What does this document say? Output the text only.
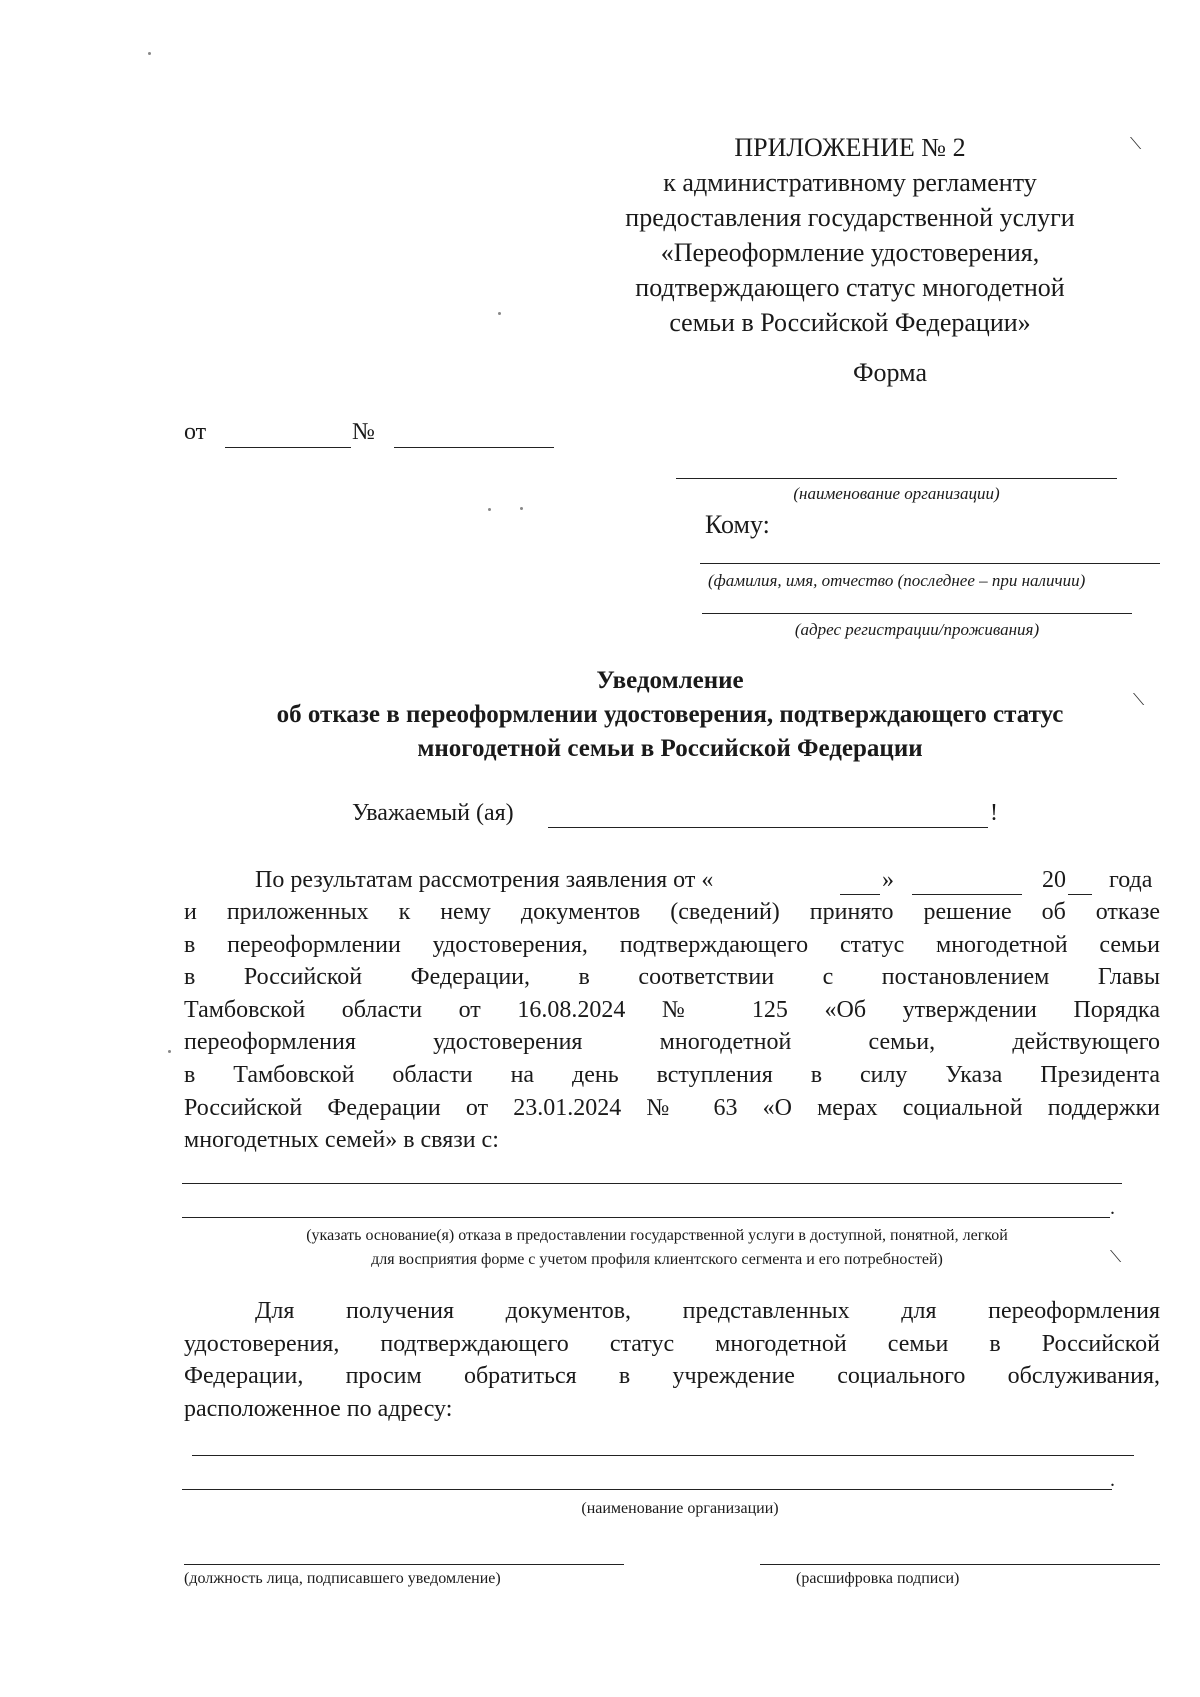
⟍
⟍
⟍
ПРИЛОЖЕНИЕ № 2
к административному регламенту
предоставления государственной услуги
«Переоформление удостоверения,
подтверждающего статус многодетной
семьи в Российской Федерации»
Форма
от	№
(наименование организации)
Кому:
(фамилия, имя, отчество (последнее – при наличии)
(адрес регистрации/проживания)
Уведомление
об отказе в переоформлении удостоверения, подтверждающего статус
многодетной семьи в Российской Федерации
Уважаемый (ая)	!
По результатам рассмотрения заявления от «	»	20 года
и приложенных к нему документов (сведений) принято решение об отказе
в переоформлении удостоверения, подтверждающего статус многодетной семьи
в Российской Федерации, в соответствии с постановлением Главы
Тамбовской области от 16.08.2024 № 125 «Об утверждении Порядка
переоформления удостоверения многодетной семьи, действующего
в Тамбовской области на день вступления в силу Указа Президента
Российской Федерации от 23.01.2024 № 63 «О мерах социальной поддержки
многодетных семей» в связи с:
.
(указать основание(я) отказа в предоставлении государственной услуги в доступной, понятной, легкой
для восприятия форме с учетом профиля клиентского сегмента и его потребностей)
Для получения документов, представленных для переоформления
удостоверения, подтверждающего статус многодетной семьи в Российской
Федерации, просим обратиться в учреждение социального обслуживания,
расположенное по адресу:
.
(наименование организации)
(должность лица, подписавшего уведомление)	(расшифровка подписи)
